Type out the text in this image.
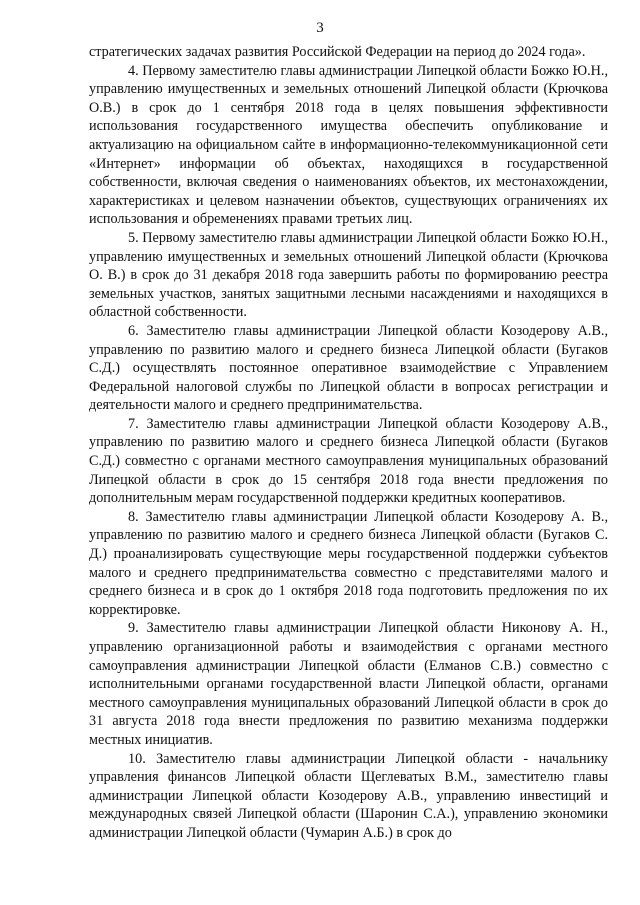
3

стратегических задачах развития Российской Федерации на период до 2024 года».

4. Первому заместителю главы администрации Липецкой области Божко Ю.Н., управлению имущественных и земельных отношений Липецкой области (Крючкова О.В.) в срок до 1 сентября 2018 года в целях повышения эффективности использования государственного имущества обеспечить опубликование и актуализацию на официальном сайте в информационно-телекоммуникационной сети «Интернет» информации об объектах, находящихся в государственной собственности, включая сведения о наименованиях объектов, их местонахождении, характеристиках и целевом назначении объектов, существующих ограничениях их использования и обременениях правами третьих лиц.

5. Первому заместителю главы администрации Липецкой области Божко Ю.Н., управлению имущественных и земельных отношений Липецкой области (Крючкова О. В.) в срок до 31 декабря 2018 года завершить работы по формированию реестра земельных участков, занятых защитными лесными насаждениями и находящихся в областной собственности.

6. Заместителю главы администрации Липецкой области Козодерову А.В., управлению по развитию малого и среднего бизнеса Липецкой области (Бугаков С.Д.) осуществлять постоянное оперативное взаимодействие с Управлением Федеральной налоговой службы по Липецкой области в вопросах регистрации и деятельности малого и среднего предпринимательства.

7. Заместителю главы администрации Липецкой области Козодерову А.В., управлению по развитию малого и среднего бизнеса Липецкой области (Бугаков С.Д.) совместно с органами местного самоуправления муниципальных образований Липецкой области в срок до 15 сентября 2018 года внести предложения по дополнительным мерам государственной поддержки кредитных кооперативов.

8. Заместителю главы администрации Липецкой области Козодерову А. В., управлению по развитию малого и среднего бизнеса Липецкой области (Бугаков С. Д.) проанализировать существующие меры государственной поддержки субъектов малого и среднего предпринимательства совместно с представителями малого и среднего бизнеса и в срок до 1 октября 2018 года подготовить предложения по их корректировке.

9. Заместителю главы администрации Липецкой области Никонову А. Н., управлению организационной работы и взаимодействия с органами местного самоуправления администрации Липецкой области (Елманов С.В.) совместно с исполнительными органами государственной власти Липецкой области, органами местного самоуправления муниципальных образований Липецкой области в срок до 31 августа 2018 года внести предложения по развитию механизма поддержки местных инициатив.

10. Заместителю главы администрации Липецкой области - начальнику управления финансов Липецкой области Щеглеватых В.М., заместителю главы администрации Липецкой области Козодерову А.В., управлению инвестиций и международных связей Липецкой области (Шаронин С.А.), управлению экономики администрации Липецкой области (Чумарин А.Б.) в срок до
